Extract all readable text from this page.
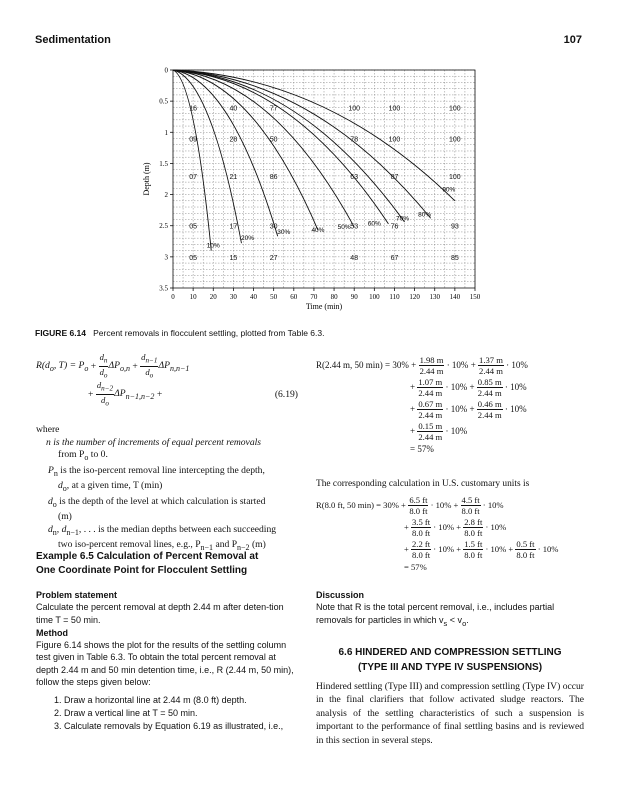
Sedimentation	107
0 10 20 30 40 50 60 70 80 90 100 110 120 130 140 150
0
0.5
1
1.5
2
2.5
3
3.5
16	40	77	100	100	100
09	28	50	78	100	100
07	21	86	63	87	100
05	17	30	53	76	93
05	15	27	48	67	85
10%
20%
30%	40% 50%	60%
70%
80%
90%
Time (min)
Depth (m)
FIGURE 6.14 Percent removals in flocculent settling, plotted from Table 6.3.
$R(d_o$, $T) = P_o$
+
$\frac{d_n}{d_o} \Delta P_{o,n}$ +
$d_{n-1}$
$d_o$
$\Delta P_{n,n-1}$
+
$\frac{d_{n-2}}{d_o} \Delta P_{n-1,n-2}$
+	(6.19)
where
n is the number of increments of equal percent removals
from $P_o$ to 0.
$P_n$ is the iso-percent removal line intercepting the depth,
$d_o$, at a given time, T (min)
$d_o$ is the depth of the level at which calculation is started
(m)
$d_n$, $d_{n-1}$, . . . is the median depths between each succeeding
two iso-percent removal lines, e.g., $P_{n-1}$ and $P_{n-2}$ (m)
Example 6.5 Calculation of Percent Removal at
One Coordinate Point for Flocculent Settling
Problem statement
Calculate the percent removal at depth 2.44 m after deten-tion time T = 50 min.
Method
Figure 6.14 shows the plot for the results of the settling column test given in Table 6.3. To obtain the total percent removal at depth 2.44 m and 50 min detention time, i.e., R (2.44 m, 50 min), follow the steps given below:
1. Draw a horizontal line at 2.44 m (8.0 ft) depth.
2. Draw a vertical line at T = 50 min.
3. Calculate removals by Equation 6.19 as illustrated, i.e.,
R(2.44 m, 50 min) = 30% +
$\frac{1.98 m}{2.44 m} \cdot 10\% + \frac{1.37 m}{2.44 m} \cdot 10\%$
+ $\frac{1.07 m}{2.44 m} \cdot 10\% + \frac{0.85 m}{2.44 m} \cdot 10\%$
+ $\frac{0.67 m}{2.44 m} \cdot 10\% + \frac{0.46 m}{2.44 m} \cdot 10\%$
+ $\frac{0.15 m}{2.44 m} \cdot 10\%$
= 57%
The corresponding calculation in U.S. customary units is
R(8.0 ft, 50 min) = 30% +
$\frac{6.5 ft}{8.0 ft} \cdot 10\% + \frac{4.5 ft}{8.0 ft} \cdot 10\%$
+ $\frac{3.5 ft}{8.0 ft} \cdot 10\% + \frac{2.8 ft}{8.0 ft} \cdot 10\%$
+ $\frac{2.2 ft}{8.0 ft} \cdot 10\% + \frac{1.5 ft}{8.0 ft} \cdot 10\% + \frac{0.5 ft}{8.0 ft} \cdot 10\%$
= 57%
Discussion
Note that R is the total percent removal, i.e., includes partial removals for particles in which $v_s < v_o$.
6.6 HINDERED AND COMPRESSION SETTLING
(TYPE III AND TYPE IV SUSPENSIONS)
Hindered settling (Type III) and compression settling (Type IV) occur in the final clarifiers that follow activated sludge reactors. The analysis of the settling characteristics of such a suspension is important to the performance of final settling basins and is reviewed in this section in several steps.
